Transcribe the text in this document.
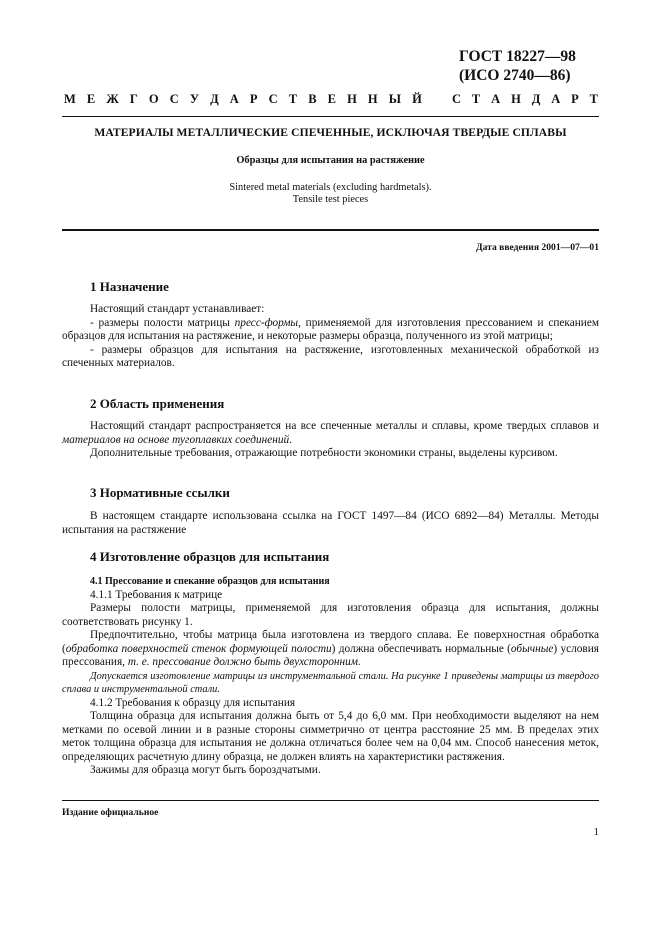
ГОСТ 18227—98
(ИСО 2740—86)
М Е Ж Г О С У Д А Р С Т В Е Н Н Ы Й С Т А Н Д А Р Т
МАТЕРИАЛЫ МЕТАЛЛИЧЕСКИЕ СПЕЧЕННЫЕ, ИСКЛЮЧАЯ ТВЕРДЫЕ СПЛАВЫ
Образцы для испытания на растяжение
Sintered metal materials (excluding hardmetals).
Tensile test pieces
Дата введения 2001—07—01
1 Назначение

Настоящий стандарт устанавливает:

- размеры полости матрицы пресс-формы, применяемой для изготовления прессованием и спеканием образцов для испытания на растяжение, и некоторые размеры образца, полученного из этой матрицы;

- размеры образцов для испытания на растяжение, изготовленных механической обработкой из спеченных материалов.

2 Область применения

Настоящий стандарт распространяется на все спеченные металлы и сплавы, кроме твердых сплавов и материалов на основе тугоплавких соединений.

Дополнительные требования, отражающие потребности экономики страны, выделены курсивом.

3 Нормативные ссылки

В настоящем стандарте использована ссылка на ГОСТ 1497—84 (ИСО 6892—84) Металлы. Методы испытания на растяжение

4 Изготовление образцов для испытания

4.1 Прессование и спекание образцов для испытания

4.1.1 Требования к матрице

Размеры полости матрицы, применяемой для изготовления образца для испытания, должны соответствовать рисунку 1.

Предпочтительно, чтобы матрица была изготовлена из твердого сплава. Ее поверхностная обработка (обработка поверхностей стенок формующей полости) должна обеспечивать нормальные (обычные) условия прессования, т. е. прессование должно быть двухсторонним.

Допускается изготовление матрицы из инструментальной стали. На рисунке 1 приведены матрицы из твердого сплава и инструментальной стали.

4.1.2 Требования к образцу для испытания

Толщина образца для испытания должна быть от 5,4 до 6,0 мм. При необходимости выделяют на нем метками по осевой линии и в разные стороны симметрично от центра расстояние 25 мм. В пределах этих меток толщина образца для испытания не должна отличаться более чем на 0,04 мм. Способ нанесения меток, определяющих расчетную длину образца, не должен влиять на характеристики растяжения.

Зажимы для образца могут быть бороздчатыми.

Издание официальное
1
